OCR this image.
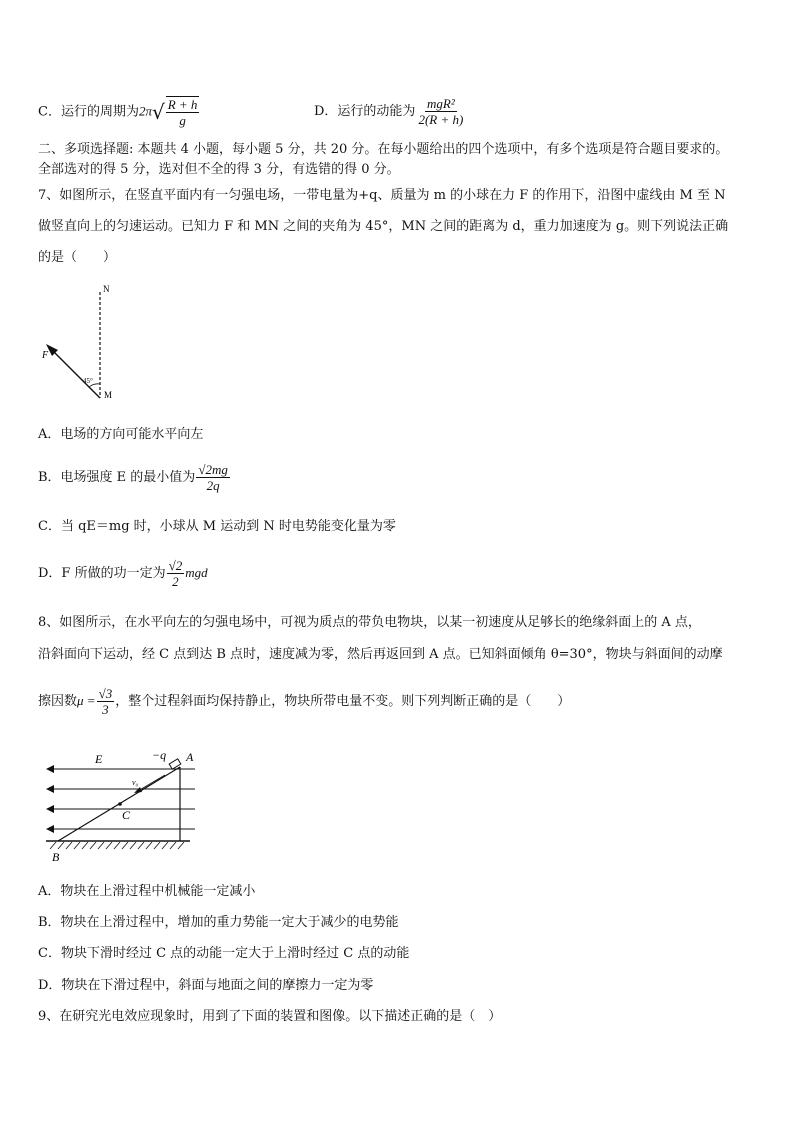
C．运行的周期为$2\pi√ \frac{R + h}{g}$	D．运行的动能为 $\frac{\text{mgR²}}{2(R + h)}$
二、多项选择题: 本题共 4 小题，每小题 5 分，共 20 分。在每小题给出的四个选项中，有多个选项是符合题目要求的。
全部选对的得 5 分，选对但不全的得 3 分，有选错的得 0 分。
7、如图所示，在竖直平面内有一匀强电场，一带电量为+q、质量为 m 的小球在力 F 的作用下，沿图中虚线由 M 至 N
做竖直向上的匀速运动。已知力 F 和 MN 之间的夹角为 45°，MN 之间的距离为 d，重力加速度为 g。则下列说法正确
的是（　　）
N
F
M
45°
A．电场的方向可能水平向左
B．电场强度 E 的最小值为 $\frac{√2mg}{2q}$
C．当 qE＝mg 时，小球从 M 运动到 N 时电势能变化量为零
D．F 所做的功一定为 $\frac{√2}{2}$ mgd
8、如图所示，在水平向左的匀强电场中，可视为质点的带负电物块，以某一初速度从足够长的绝缘斜面上的 A 点，
沿斜面向下运动，经 C 点到达 B 点时，速度减为零，然后再返回到 A 点。已知斜面倾角 θ=30°，物块与斜面间的动摩
擦因数$\mu = \frac{√3}{3}$ ，整个过程斜面均保持静止，物块所带电量不变。则下列判断正确的是（　　）
E	−q A
v₀
C
B
A．物块在上滑过程中机械能一定减小
B．物块在上滑过程中，增加的重力势能一定大于减少的电势能
C．物块下滑时经过 C 点的动能一定大于上滑时经过 C 点的动能
D．物块在下滑过程中，斜面与地面之间的摩擦力一定为零
9、在研究光电效应现象时，用到了下面的装置和图像。以下描述正确的是（　）
